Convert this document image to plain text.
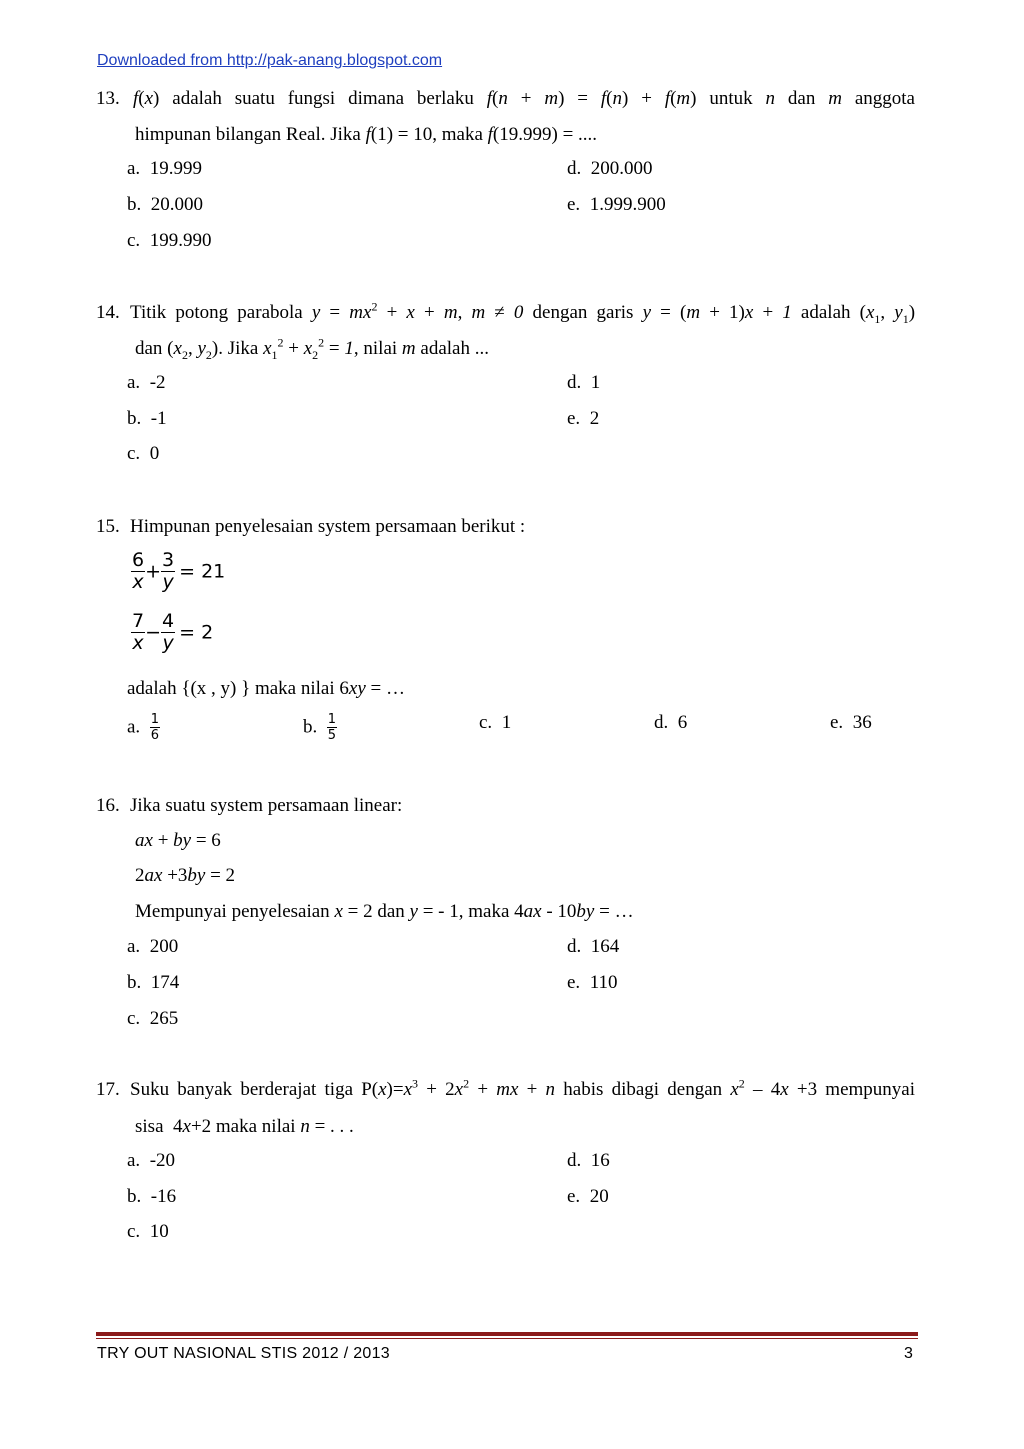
Downloaded from http://pak-anang.blogspot.com
13. f(x) adalah suatu fungsi dimana berlaku f(n + m) = f(n) + f(m) untuk n dan m anggota
himpunan bilangan Real. Jika f(1) = 10, maka f(19.999) = ....
a. 19.999
b. 20.000
c. 199.990
d. 200.000
e. 1.999.900
14. Titik potong parabola $y = mx^2 + x + m$, m ≠ 0 dengan garis y = (m + 1)x + 1 adalah ($x_1$, $y_1$)
dan ($x_2$, $y_2$). Jika $x_1^2 + x_2^2 = 1$, nilai m adalah ...
a. -2
b. -1
c. 0
d. 1
e. 2
15. Himpunan penyelesaian system persamaan berikut :
$\frac{6}{x} + \frac{3}{y} = 21$
$\frac{7}{x} - \frac{4}{y} = 2$
adalah {(x , y) } maka nilai 6xy = …
a. $\frac{1}{6}$	b. $\frac{1}{5}$	c. 1	d. 6	e. 36
16. Jika suatu system persamaan linear:
ax + by = 6
2ax +3by = 2
Mempunyai penyelesaian x = 2 dan y = - 1, maka 4ax - 10by = …
a. 200
b. 174
c. 265
d. 164
e. 110
17. Suku banyak berderajat tiga $P(x)=x^3 + 2x^2$ + mx + n habis dibagi dengan $x^2 - 4x +3$ mempunyai
sisa  4x+2 maka nilai n = . . .
a. -20
b. -16
c. 10
d. 16
e. 20
TRY OUT NASIONAL STIS 2012 / 2013	3
